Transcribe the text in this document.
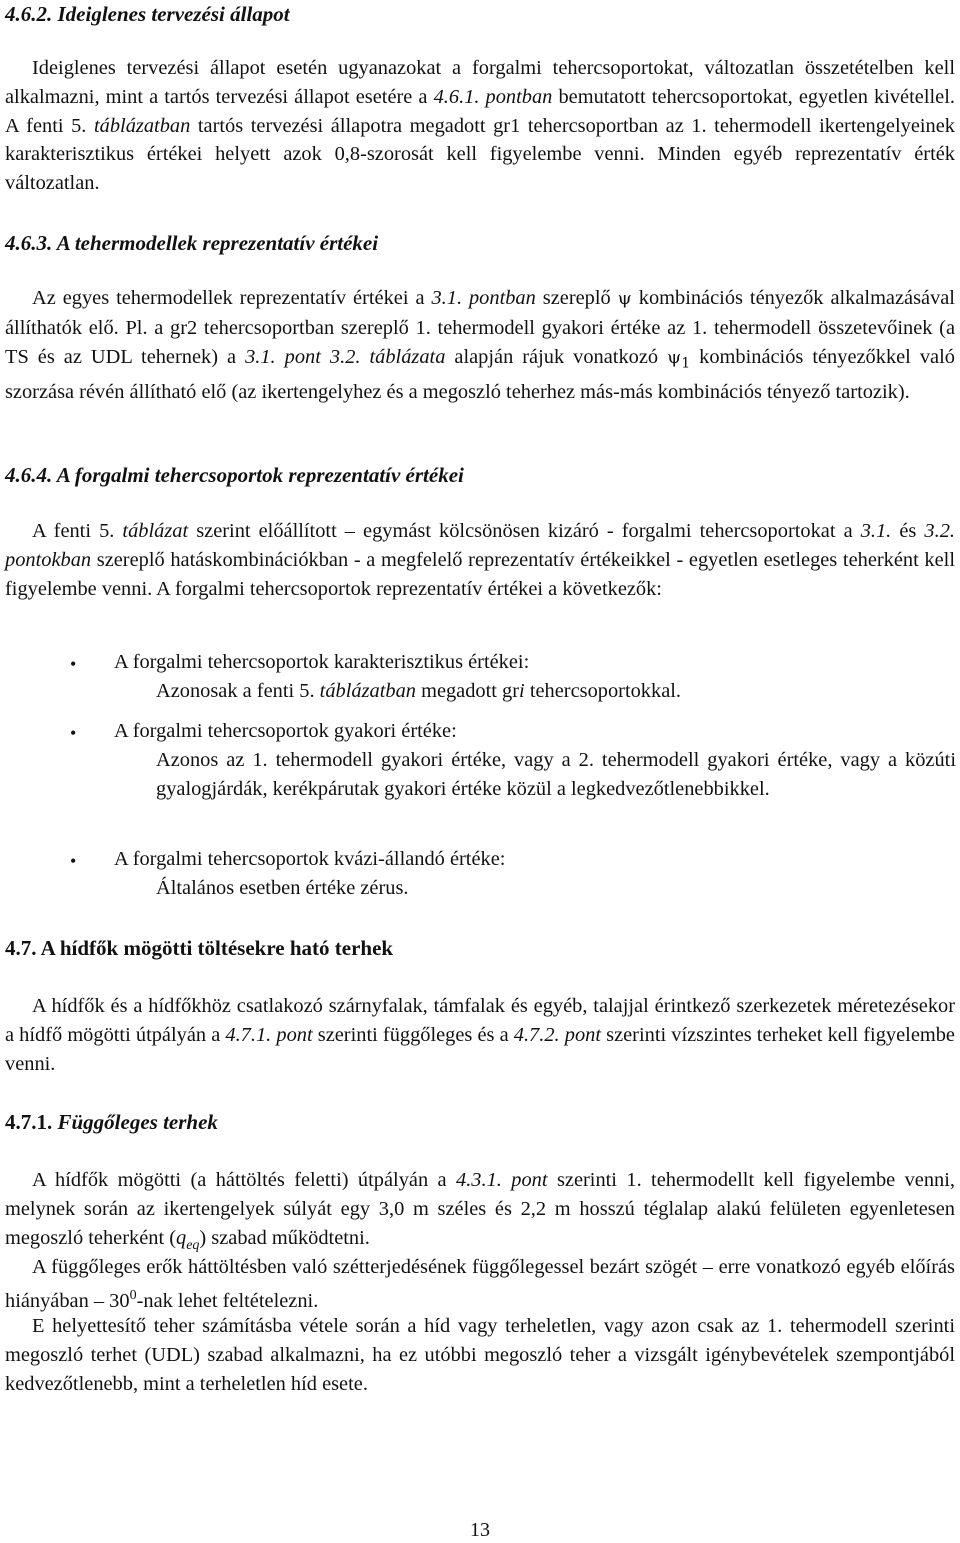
4.6.2. Ideiglenes tervezési állapot

Ideiglenes tervezési állapot esetén ugyanazokat a forgalmi tehercsoportokat, változatlan összetételben kell alkalmazni, mint a tartós tervezési állapot esetére a 4.6.1. pontban bemutatott tehercsoportokat, egyetlen kivétellel. A fenti 5. táblázatban tartós tervezési állapotra megadott gr1 tehercsoportban az 1. tehermodell ikertengelyeinek karakterisztikus értékei helyett azok 0,8-szorosát kell figyelembe venni. Minden egyéb reprezentatív érték változatlan.

4.6.3. A tehermodellek reprezentatív értékei

Az egyes tehermodellek reprezentatív értékei a 3.1. pontban szereplő ψ kombinációs tényezők alkalmazásával állíthatók elő. Pl. a gr2 tehercsoportban szereplő 1. tehermodell gyakori értéke az 1. tehermodell összetevőinek (a TS és az UDL tehernek) a 3.1. pont 3.2. táblázata alapján rájuk vonatkozó $\psi_1$ kombinációs tényezőkkel való szorzása révén állítható elő (az ikertengelyhez és a megoszló teherhez más-más kombinációs tényező tartozik).

4.6.4. A forgalmi tehercsoportok reprezentatív értékei

A fenti 5. táblázat szerint előállított – egymást kölcsönösen kizáró - forgalmi tehercsoportokat a 3.1. és 3.2. pontokban szereplő hatáskombinációkban - a megfelelő reprezentatív értékeikkel - egyetlen esetleges teherként kell figyelembe venni. A forgalmi tehercsoportok reprezentatív értékei a következők:

•	A forgalmi tehercsoportok karakterisztikus értékei:
Azonosak a fenti 5. táblázatban megadott gri tehercsoportokkal.
•	A forgalmi tehercsoportok gyakori értéke:
Azonos az 1. tehermodell gyakori értéke, vagy a 2. tehermodell gyakori értéke, vagy a közúti gyalogjárdák, kerékpárutak gyakori értéke közül a legkedvezőtlenebbikkel.
•	A forgalmi tehercsoportok kvázi-állandó értéke:
Általános esetben értéke zérus.
4.7. A hídfők mögötti töltésekre ható terhek

A hídfők és a hídfőkhöz csatlakozó szárnyfalak, támfalak és egyéb, talajjal érintkező szerkezetek méretezésekor a hídfő mögötti útpályán a 4.7.1. pont szerinti függőleges és a 4.7.2. pont szerinti vízszintes terheket kell figyelembe venni.

4.7.1. Függőleges terhek

A hídfők mögötti (a háttöltés feletti) útpályán a 4.3.1. pont szerinti 1. tehermodellt kell figyelembe venni, melynek során az ikertengelyek súlyát egy 3,0 m széles és 2,2 m hosszú téglalap alakú felületen egyenletesen megoszló teherként $(q_{eq})$ szabad működtetni.

A függőleges erők háttöltésben való szétterjedésének függőlegessel bezárt szögét – erre vonatkozó egyéb előírás hiányában – $30^0$-nak lehet feltételezni.

E helyettesítő teher számításba vétele során a híd vagy terheletlen, vagy azon csak az 1. tehermodell szerinti megoszló terhet (UDL) szabad alkalmazni, ha ez utóbbi megoszló teher a vizsgált igénybevételek szempontjából kedvezőtlenebb, mint a terheletlen híd esete.

13
